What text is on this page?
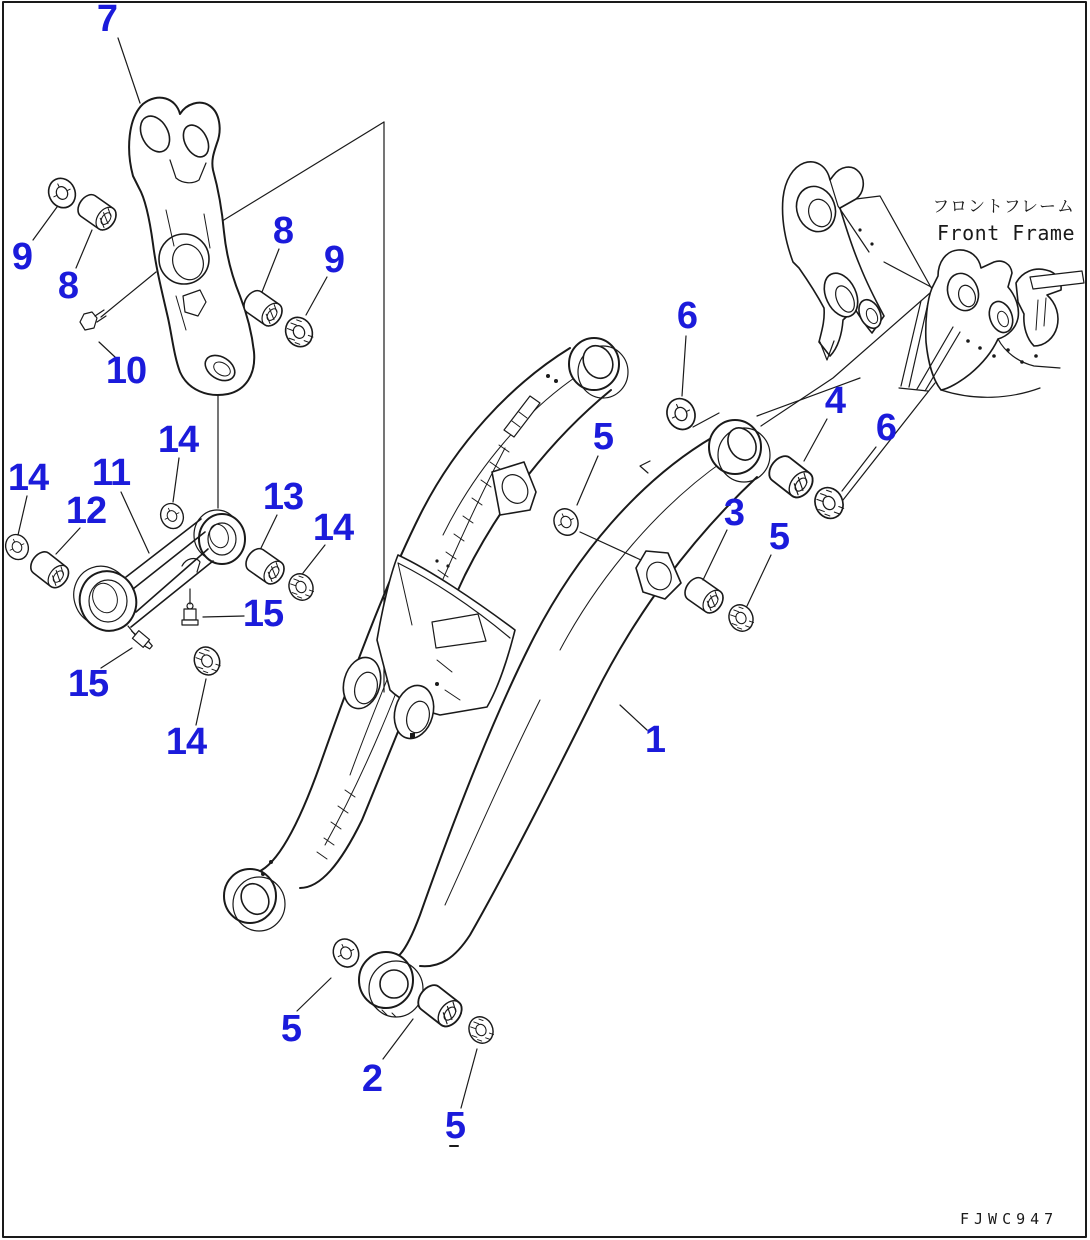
7
9
8
10
8
9
14 11
12
14
13
14
15
15
14
6
5
4
6
3
5
1
5
2
5
フロントフレーム
Front Frame
FJWC947
